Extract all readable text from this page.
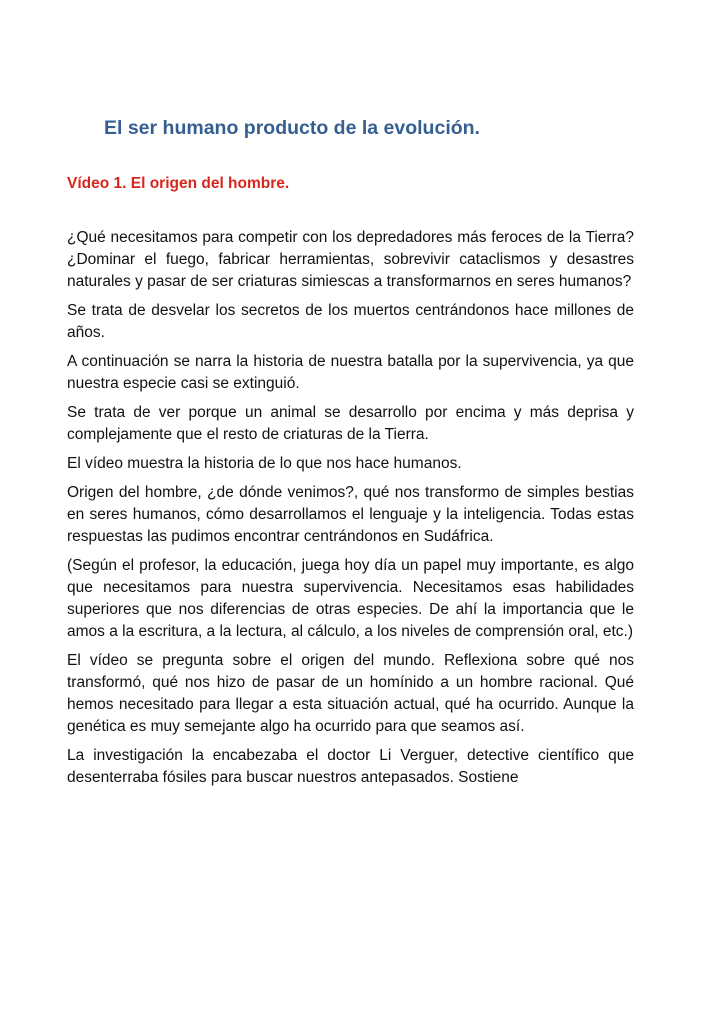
El ser humano producto de la evolución.
Vídeo 1. El origen del hombre.

¿Qué necesitamos para competir con los depredadores más feroces de la Tierra? ¿Dominar el fuego, fabricar herramientas, sobrevivir cataclismos y desastres naturales y pasar de ser criaturas simiescas a transformarnos en seres humanos?

Se trata de desvelar los secretos de los muertos centrándonos hace millones de años.

A continuación se narra la historia de nuestra batalla por la supervivencia, ya que nuestra especie casi se extinguió.

Se trata de ver porque un animal se desarrollo por encima y más deprisa y complejamente que el resto de criaturas de la Tierra.

El vídeo muestra la historia de lo que nos hace humanos.

Origen del hombre, ¿de dónde venimos?, qué nos transformo de simples bestias en seres humanos, cómo desarrollamos el lenguaje y la inteligencia. Todas estas respuestas las pudimos encontrar centrándonos en Sudáfrica.

(Según el profesor, la educación, juega hoy día un papel muy importante, es algo que necesitamos para nuestra supervivencia. Necesitamos esas habilidades superiores que nos diferencias de otras especies. De ahí la importancia que le amos a la escritura, a la lectura, al cálculo, a los niveles de comprensión oral, etc.)

El vídeo se pregunta sobre el origen del mundo. Reflexiona sobre qué nos transformó, qué nos hizo de pasar de un homínido a un hombre racional. Qué hemos necesitado para llegar a esta situación actual, qué ha ocurrido. Aunque la genética es muy semejante algo ha ocurrido para que seamos así.

La investigación la encabezaba el doctor Li Verguer, detective científico que desenterraba fósiles para buscar nuestros antepasados. Sostiene
